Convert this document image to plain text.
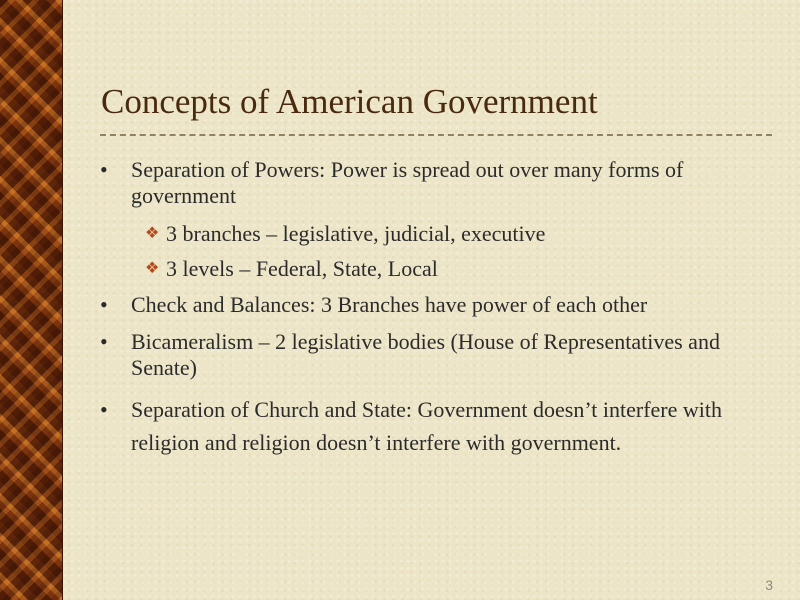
Concepts of American Government
•	Separation of Powers: Power is spread out over many forms of government
❖ 3 branches – legislative, judicial, executive
❖ 3 levels – Federal, State, Local
•	Check and Balances: 3 Branches have power of each other
•	Bicameralism – 2 legislative bodies (House of Representatives and Senate)
•	Separation of Church and State: Government doesn’t interfere with religion and religion doesn’t interfere with government.
3
